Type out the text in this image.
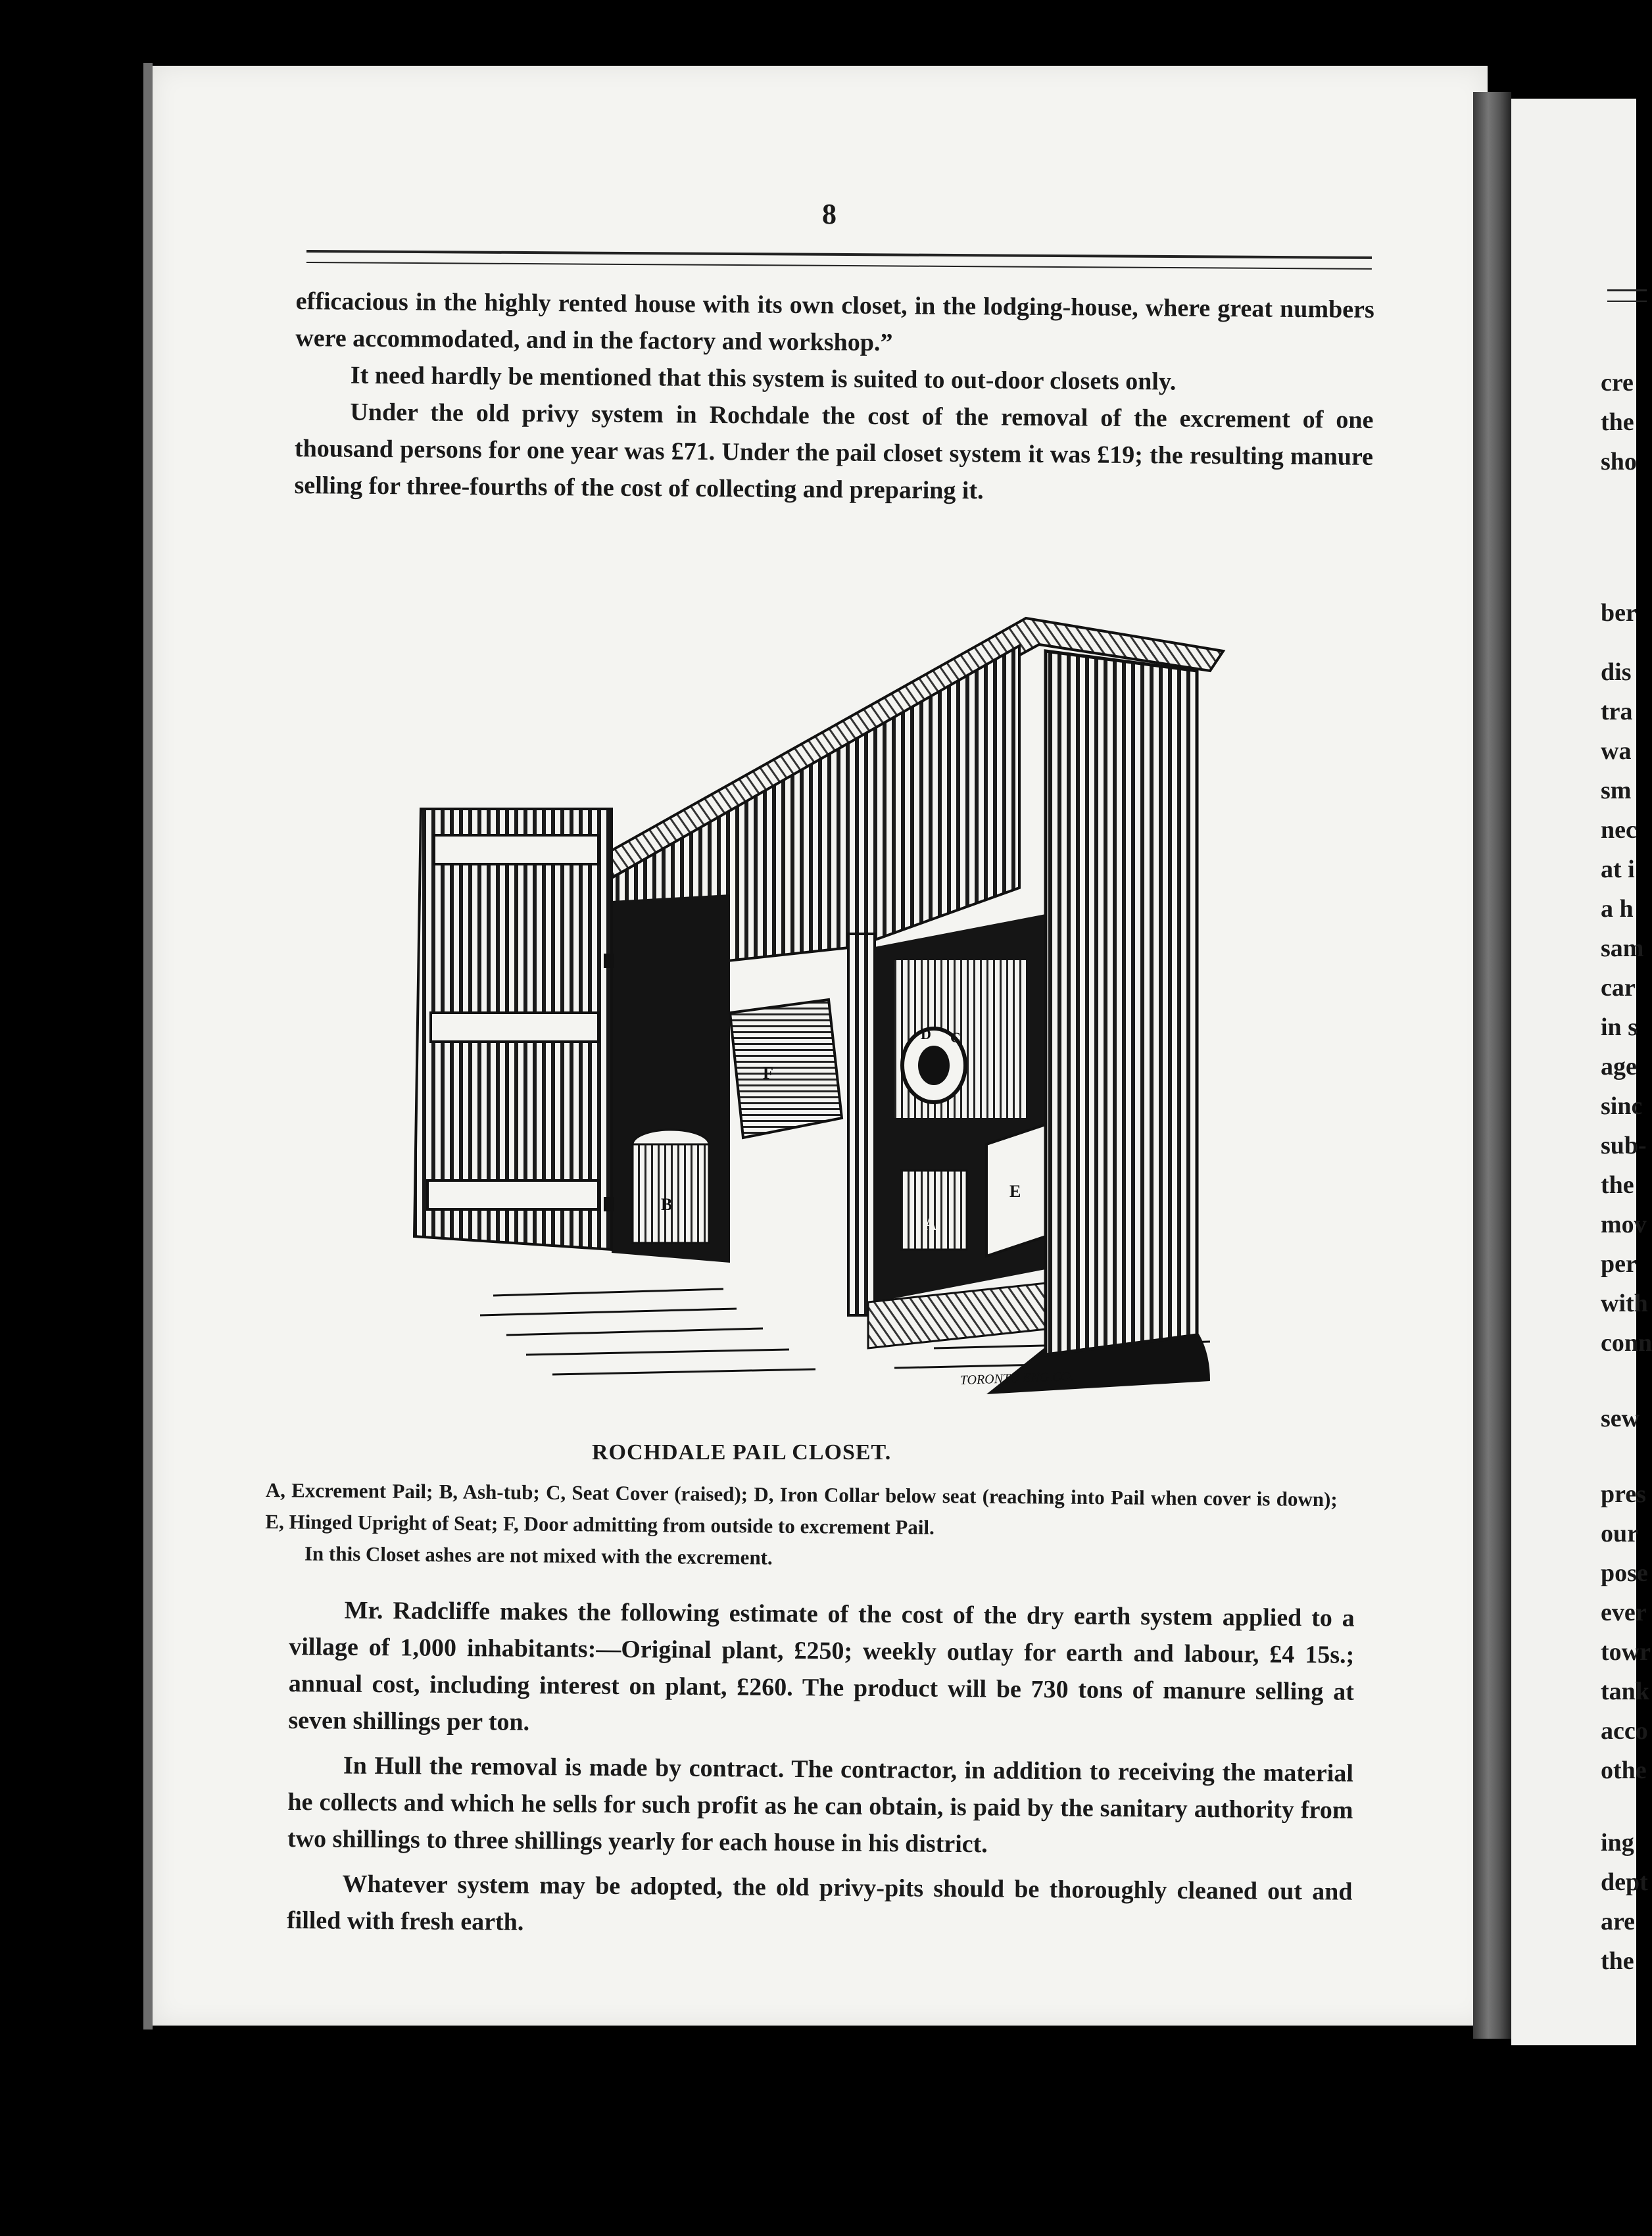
cre
the
sho
ber
dis
tra
wa
sm
nec
at i
a h
sam
car
in s
age
sinc
sub-
the
mov
per
with
conn
sew
pres
our
pose
ever
towr
tank
acco
othe
ing
dept
are
the
8

efficacious in the highly rented house with its own closet, in the lodging-house, where great numbers were accommodated, and in the factory and workshop.”

It need hardly be mentioned that this system is suited to out-door closets only.

Under the old privy system in Rochdale the cost of the removal of the excrement of one thousand persons for one year was £71. Under the pail closet system it was £19; the resulting manure selling for three-fourths of the cost of collecting and preparing it.

B
F
D C
A
E
TORONTO ENG.CO.
ROCHDALE PAIL CLOSET.
A, Excrement Pail; B, Ash-tub; C, Seat Cover (raised); D, Iron Collar below seat (reaching into Pail when cover is down); E, Hinged Upright of Seat; F, Door admitting from outside to excrement Pail.
In this Closet ashes are not mixed with the excrement.

Mr. Radcliffe makes the following estimate of the cost of the dry earth system applied to a village of 1,000 inhabitants:—Original plant, £250; weekly outlay for earth and labour, £4 15s.; annual cost, including interest on plant, £260. The product will be 730 tons of manure selling at seven shillings per ton.

In Hull the removal is made by contract. The contractor, in addition to receiving the material he collects and which he sells for such profit as he can obtain, is paid by the sanitary authority from two shillings to three shillings yearly for each house in his district.

Whatever system may be adopted, the old privy-pits should be thoroughly cleaned out and filled with fresh earth.
